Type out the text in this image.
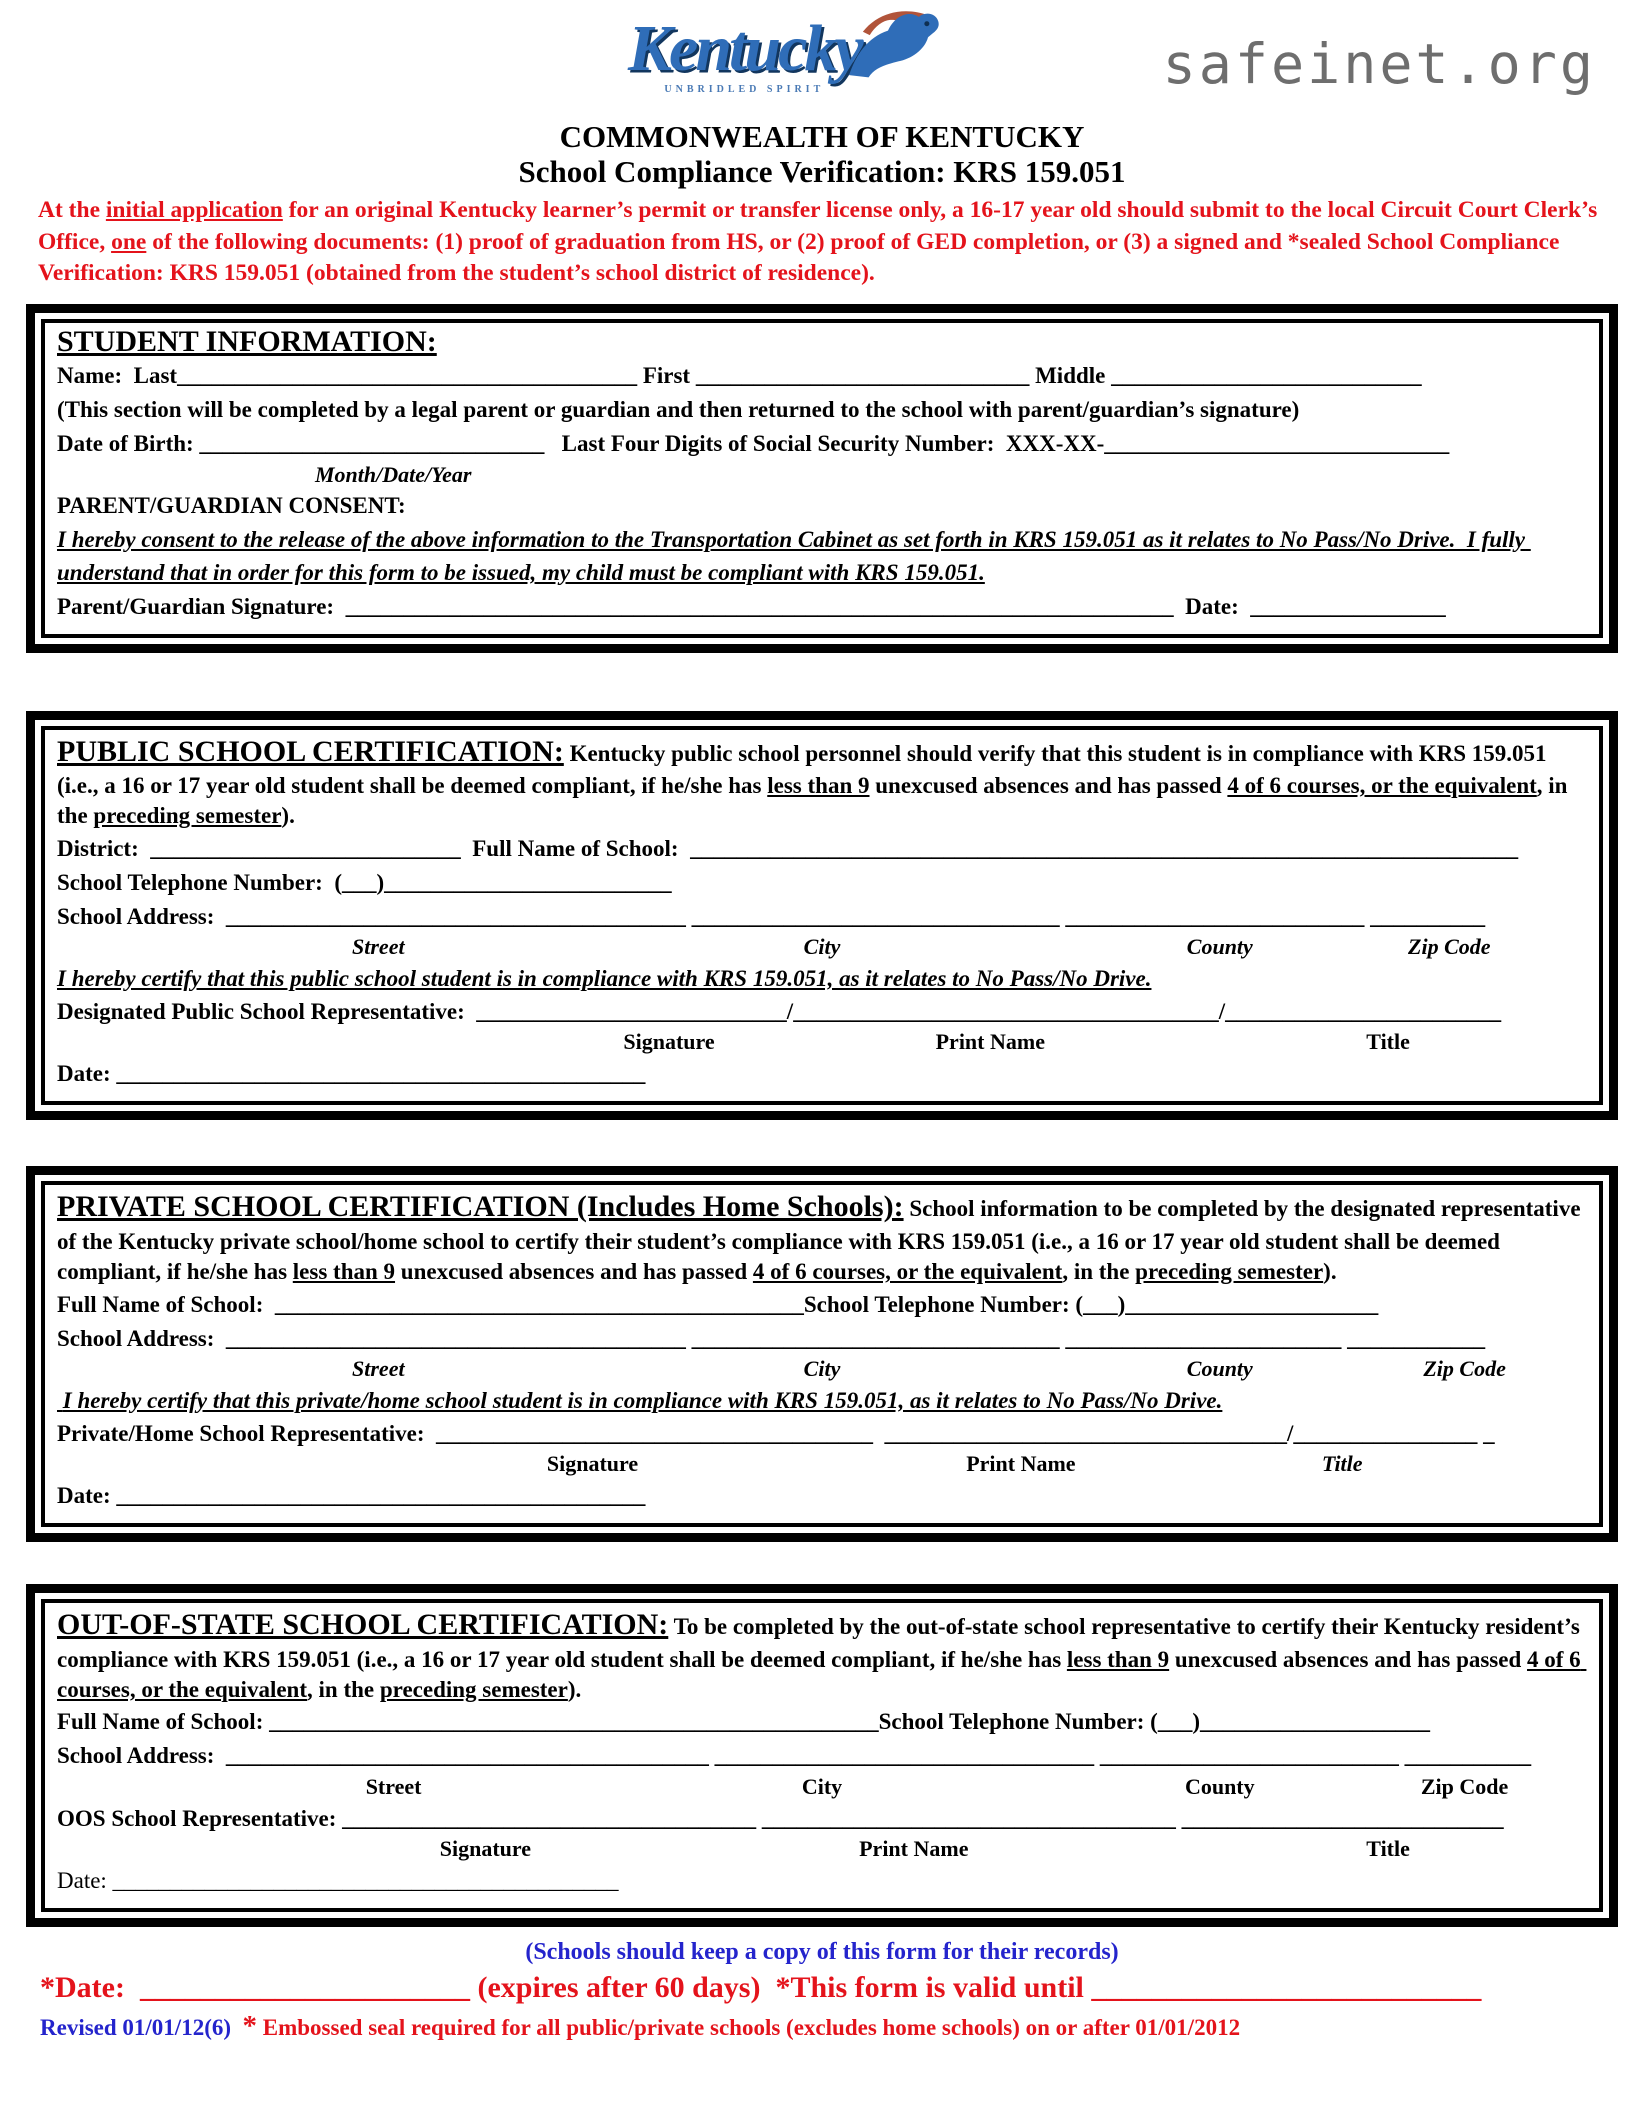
Kentucky
UNBRIDLED SPIRIT	safeinet.org
COMMONWEALTH OF KENTUCKY
School Compliance Verification: KRS 159.051
At the initial application for an original Kentucky learner’s permit or transfer license only, a 16-17 year old should submit to the local Circuit Court Clerk’s Office, one of the following documents: (1) proof of graduation from HS, or (2) proof of GED completion, or (3) a signed and *sealed School Compliance Verification: KRS 159.051 (obtained from the student’s school district of residence).
STUDENT INFORMATION:
Name:  Last________________________________________ First _____________________________ Middle ___________________________
(This section will be completed by a legal parent or guardian and then returned to the school with parent/guardian’s signature)
Date of Birth: ______________________________   Last Four Digits of Social Security Number:  XXX-XX-______________________________
Month/Date/Year
PARENT/GUARDIAN CONSENT:
I hereby consent to the release of the above information to the Transportation Cabinet as set forth in KRS 159.051 as it relates to No Pass/No Drive.  I fully understand that in order for this form to be issued, my child must be compliant with KRS 159.051.
Parent/Guardian Signature:  ________________________________________________________________________  Date:  _________________
PUBLIC SCHOOL CERTIFICATION: Kentucky public school personnel should verify that this student is in compliance with KRS 159.051 (i.e., a 16 or 17 year old student shall be deemed compliant, if he/she has less than 9 unexcused absences and has passed 4 of 6 courses, or the equivalent, in the preceding semester).
District:  ___________________________  Full Name of School:  ________________________________________________________________________
School Telephone Number:  (___)_________________________
School Address:  ________________________________________ ________________________________ __________________________ __________
Street	City	County	Zip Code
I hereby certify that this public school student is in compliance with KRS 159.051, as it relates to No Pass/No Drive.
Designated Public School Representative:  ___________________________/_____________________________________/________________________
Signature	Print Name	Title
Date: ______________________________________________
PRIVATE SCHOOL CERTIFICATION (Includes Home Schools): School information to be completed by the designated representative of the Kentucky private school/home school to certify their student’s compliance with KRS 159.051 (i.e., a 16 or 17 year old student shall be deemed compliant, if he/she has less than 9 unexcused absences and has passed 4 of 6 courses, or the equivalent, in the preceding semester).
Full Name of School:  ______________________________________________School Telephone Number: (___)______________________
School Address:  ________________________________________ ________________________________ ________________________ ____________
Street	City	County	Zip Code
I hereby certify that this private/home school student is in compliance with KRS 159.051, as it relates to No Pass/No Drive.
Private/Home School Representative:  ______________________________________  ___________________________________/________________ _
Signature	Print Name	Title
Date: ______________________________________________
OUT-OF-STATE SCHOOL CERTIFICATION: To be completed by the out-of-state school representative to certify their Kentucky resident’s compliance with KRS 159.051 (i.e., a 16 or 17 year old student shall be deemed compliant, if he/she has less than 9 unexcused absences and has passed 4 of 6 courses, or the equivalent, in the preceding semester).
Full Name of School: _____________________________________________________School Telephone Number: (___)____________________
School Address:  __________________________________________ _________________________________ __________________________ ___________
Street	City	County	Zip Code
OOS School Representative: ____________________________________ ____________________________________ ____________________________
Signature	Print Name	Title
Date: ____________________________________________
(Schools should keep a copy of this form for their records)
*Date:  ______________________ (expires after 60 days)  *This form is valid until __________________________
Revised 01/01/12(6) * Embossed seal required for all public/private schools (excludes home schools) on or after 01/01/2012
